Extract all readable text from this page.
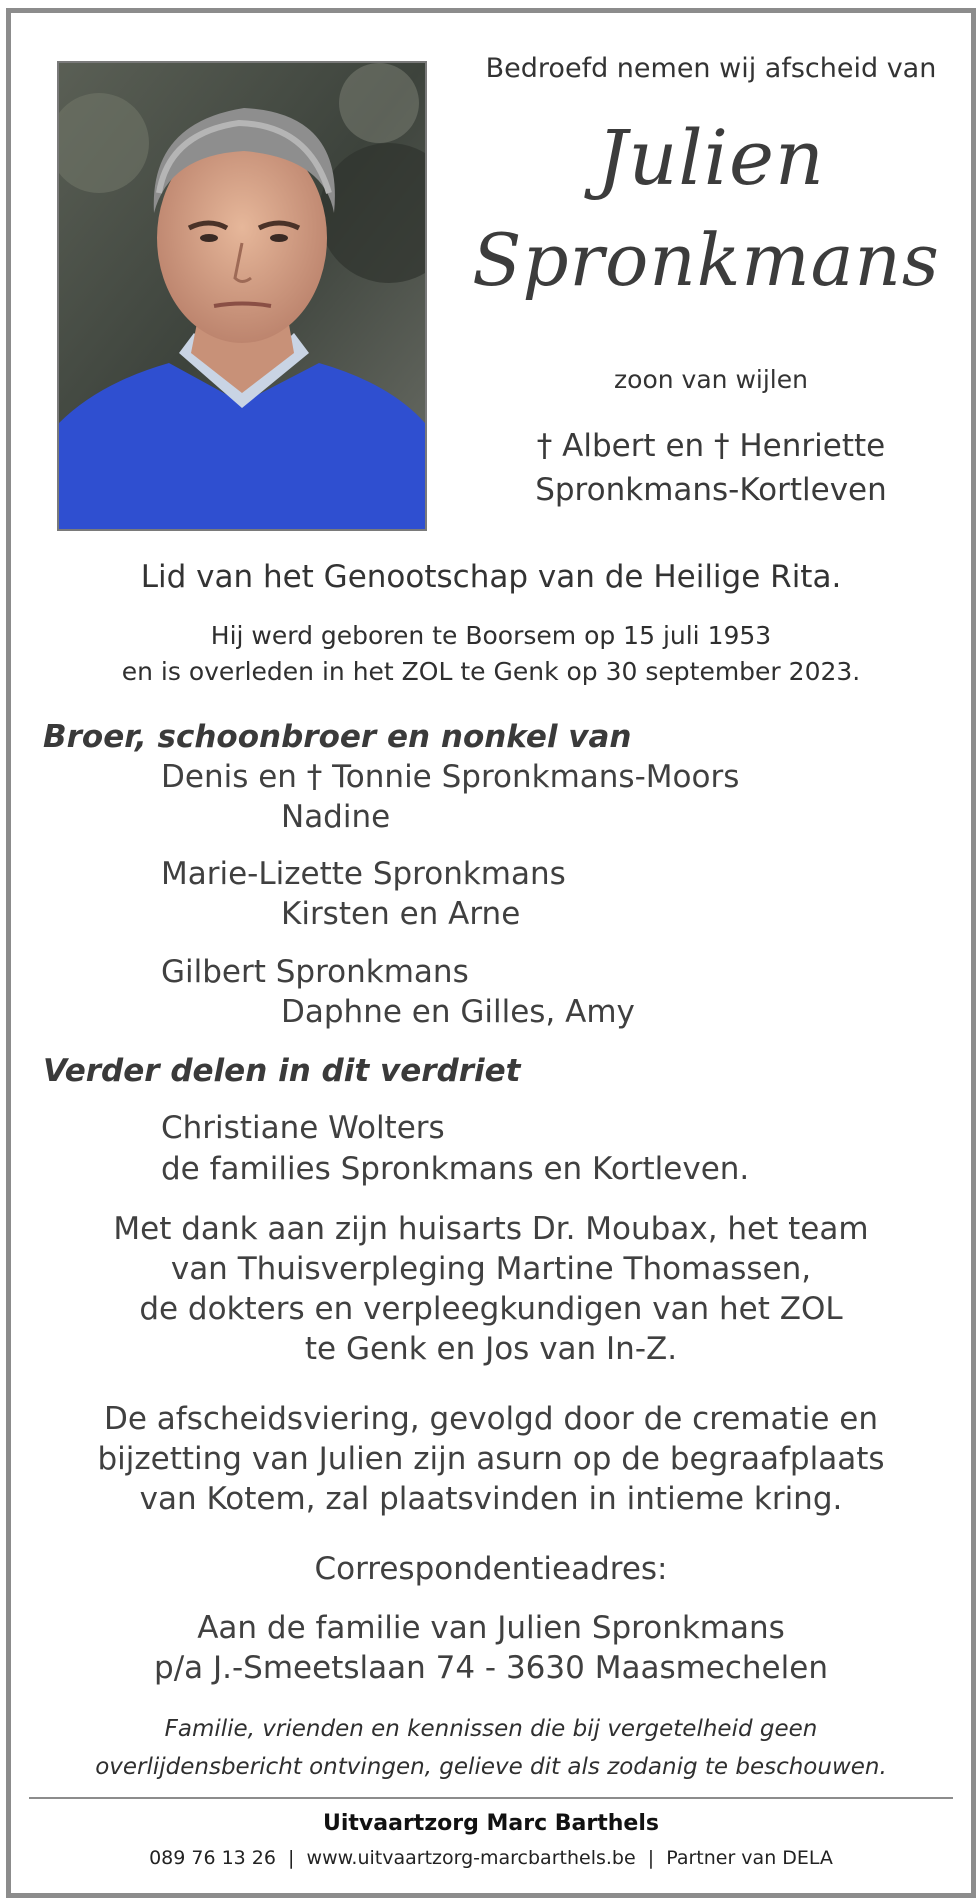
Bedroefd nemen wij afscheid van
Julien
Spronkmans
zoon van wijlen
† Albert en † Henriette
Spronkmans-Kortleven
Lid van het Genootschap van de Heilige Rita.
Hij werd geboren te Boorsem op 15 juli 1953
en is overleden in het ZOL te Genk op 30 september 2023.
Broer, schoonbroer en nonkel van
Denis en † Tonnie Spronkmans-Moors
Nadine
Marie-Lizette Spronkmans
Kirsten en Arne
Gilbert Spronkmans
Daphne en Gilles, Amy
Verder delen in dit verdriet
Christiane Wolters
de families Spronkmans en Kortleven.
Met dank aan zijn huisarts Dr. Moubax, het team
van Thuisverpleging Martine Thomassen,
de dokters en verpleegkundigen van het ZOL
te Genk en Jos van In-Z.
De afscheidsviering, gevolgd door de crematie en
bijzetting van Julien zijn asurn op de begraafplaats
van Kotem, zal plaatsvinden in intieme kring.
Correspondentieadres:
Aan de familie van Julien Spronkmans
p/a J.-Smeetslaan 74 - 3630 Maasmechelen
Familie, vrienden en kennissen die bij vergetelheid geen
overlijdensbericht ontvingen, gelieve dit als zodanig te beschouwen.
Uitvaartzorg Marc Barthels
089 76 13 26  |  www.uitvaartzorg-marcbarthels.be  |  Partner van DELA
